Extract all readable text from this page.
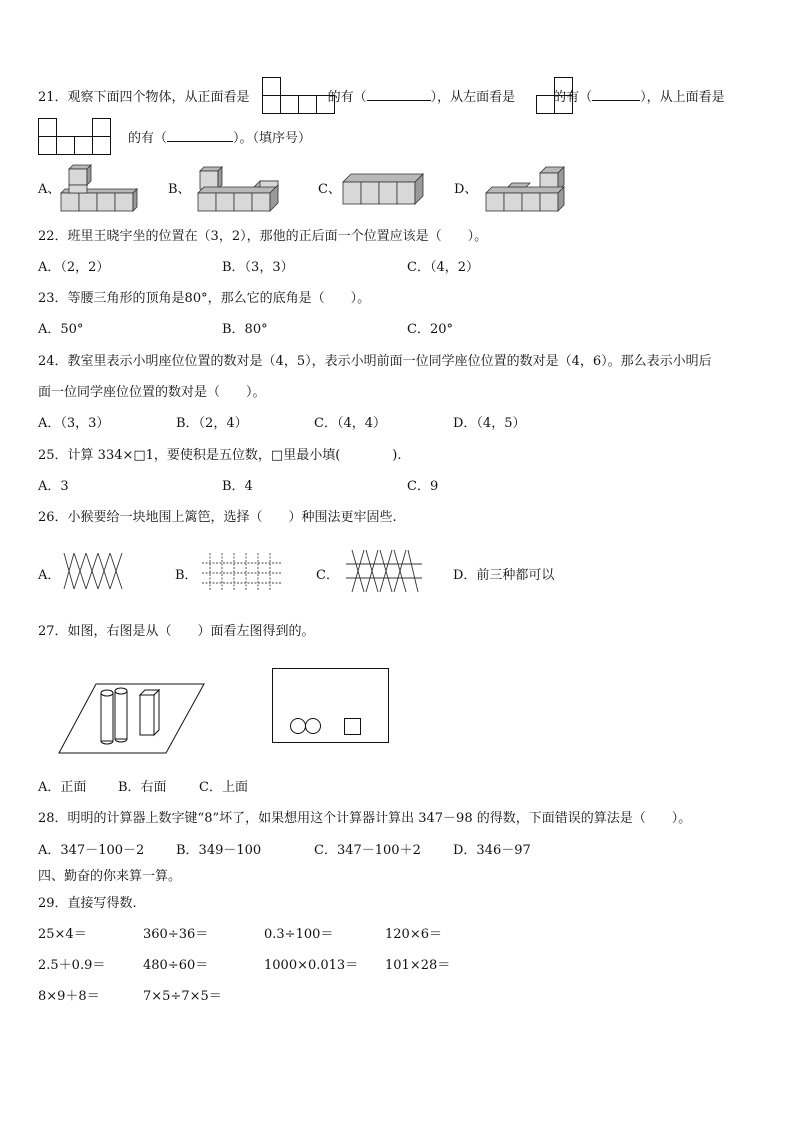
21．观察下面四个物体，从正面看是	的有（	），从左面看是	的有（	），从上面看是
的有（	）。（填序号）
A、	B、	C、	D、
22．班里王晓宇坐的位置在（3，2），那他的正后面一个位置应该是（　　）。
A．（2，2）	B．（3，3）	C．（4，2）
23．等腰三角形的顶角是80°，那么它的底角是（　　）。
A．50°	B．80°	C．20°
24．教室里表示小明座位位置的数对是（4，5），表示小明前面一位同学座位位置的数对是（4，6）。那么表示小明后
面一位同学座位位置的数对是（　　）。
A．（3，3）	B．（2，4）	C．（4，4）	D．（4，5）
25．计算 334×□1，要使积是五位数，□里最小填(　　　　).
A．3	B．4	C．9
26．小猴要给一块地围上篱笆，选择（　　）种围法更牢固些.
A．	B．	C．	D．前三种都可以
27．如图，右图是从（　　）面看左图得到的。
A．正面 B．右面 C．上面
28．明明的计算器上数字键“8”坏了，如果想用这个计算器计算出 347－98 的得数，下面错误的算法是（　　）。
A．347－100－2 B．349－100	C．347－100＋2 D．346－97
四、勤奋的你来算一算。
29．直接写得数.
25×4＝	360÷36＝	0.3÷100＝	120×6＝
2.5＋0.9＝	480÷60＝	1000×0.013＝ 101×28＝
8×9＋8＝	7×5÷7×5＝
